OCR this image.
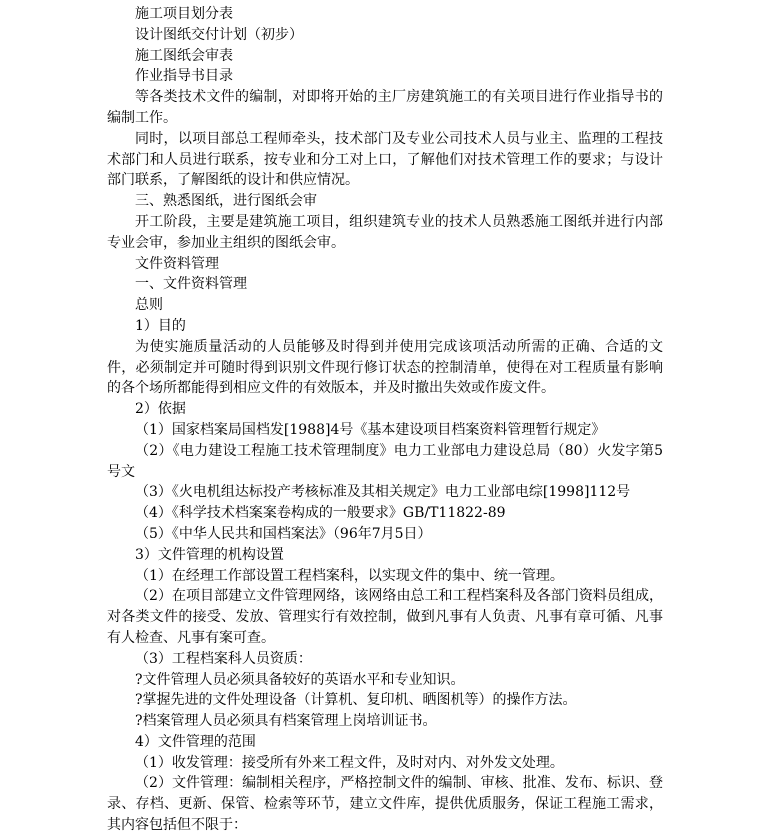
施工项目划分表

设计图纸交付计划（初步）

施工图纸会审表

作业指导书目录

等各类技术文件的编制，对即将开始的主厂房建筑施工的有关项目进行作业指导书的编制工作。

同时，以项目部总工程师牵头，技术部门及专业公司技术人员与业主、监理的工程技术部门和人员进行联系，按专业和分工对上口，了解他们对技术管理工作的要求；与设计部门联系，了解图纸的设计和供应情况。

三、熟悉图纸，进行图纸会审

开工阶段，主要是建筑施工项目，组织建筑专业的技术人员熟悉施工图纸并进行内部专业会审，参加业主组织的图纸会审。

文件资料管理

一、文件资料管理

总则

1）目的

为使实施质量活动的人员能够及时得到并使用完成该项活动所需的正确、合适的文件，必须制定并可随时得到识别文件现行修订状态的控制清单，使得在对工程质量有影响的各个场所都能得到相应文件的有效版本，并及时撤出失效或作废文件。

2）依据

（1）国家档案局国档发[1988]4号《基本建设项目档案资料管理暂行规定》

（2）《电力建设工程施工技术管理制度》电力工业部电力建设总局（80）火发字第5号文

（3）《火电机组达标投产考核标准及其相关规定》电力工业部电综[1998]112号

（4）《科学技术档案案卷构成的一般要求》GB/T11822-89

（5）《中华人民共和国档案法》（96年7月5日）

3）文件管理的机构设置

（1）在经理工作部设置工程档案科，以实现文件的集中、统一管理。

（2）在项目部建立文件管理网络，该网络由总工和工程档案科及各部门资料员组成，对各类文件的接受、发放、管理实行有效控制，做到凡事有人负责、凡事有章可循、凡事有人检查、凡事有案可查。

（3）工程档案科人员资质：

?文件管理人员必须具备较好的英语水平和专业知识。

?掌握先进的文件处理设备（计算机、复印机、晒图机等）的操作方法。

?档案管理人员必须具有档案管理上岗培训证书。

4）文件管理的范围

（1）收发管理：接受所有外来工程文件，及时对内、对外发文处理。

（2）文件管理：编制相关程序，严格控制文件的编制、审核、批准、发布、标识、登录、存档、更新、保管、检索等环节，建立文件库，提供优质服务，保证工程施工需求，其内容包括但不限于：
